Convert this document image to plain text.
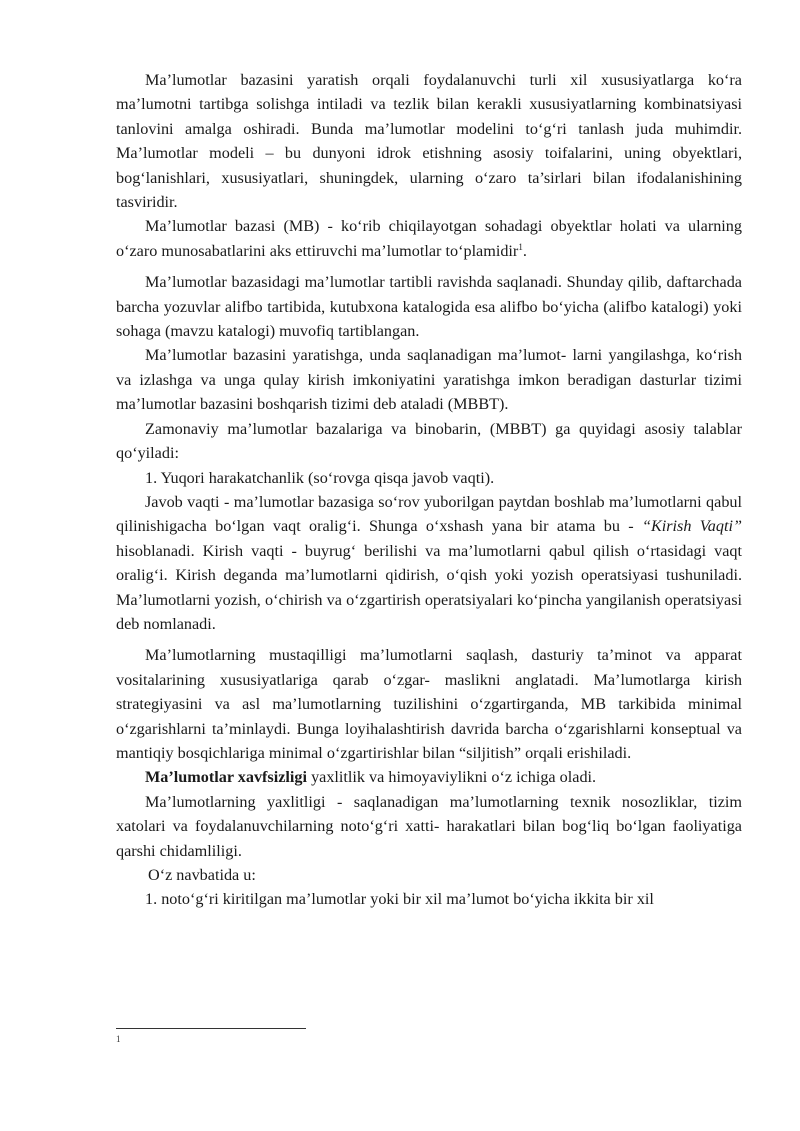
Ma’lumotlar bazasini yaratish orqali foydalanuvchi turli xil xususiyatlarga ko‘ra ma’lumotni tartibga solishga intiladi va tezlik bilan kerakli xususiyatlarning kombinatsiyasi tanlovini amalga oshiradi. Bunda ma’lumotlar modelini to‘g‘ri tanlash juda muhimdir. Ma’lumotlar modeli – bu dunyoni idrok etishning asosiy toifalarini, uning obyektlari, bog‘lanishlari, xususiyatlari, shuningdek, ularning o‘zaro ta’sirlari bilan ifodalanishining tasviridir.

Ma’lumotlar bazasi (MB) - ko‘rib chiqilayotgan sohadagi obyektlar holati va ularning o‘zaro munosabatlarini aks ettiruvchi ma’lumotlar to‘plamidir$^1$.

Ma’lumotlar bazasidagi ma’lumotlar tartibli ravishda saqlanadi. Shunday qilib, daftarchada barcha yozuvlar alifbo tartibida, kutubxona katalogida esa alifbo bo‘yicha (alifbo katalogi) yoki sohaga (mavzu katalogi) muvofiq tartiblangan.

Ma’lumotlar bazasini yaratishga, unda saqlanadigan ma’lumot- larni yangilashga, ko‘rish va izlashga va unga qulay kirish imkoniyatini yaratishga imkon beradigan dasturlar tizimi ma’lumotlar bazasini boshqarish tizimi deb ataladi (MBBT).

Zamonaviy ma’lumotlar bazalariga va binobarin, (MBBT) ga quyidagi asosiy talablar qo‘yiladi:

1. Yuqori harakatchanlik (so‘rovga qisqa javob vaqti).

Javob vaqti - ma’lumotlar bazasiga so‘rov yuborilgan paytdan boshlab ma’lumotlarni qabul qilinishigacha bo‘lgan vaqt oralig‘i. Shunga o‘xshash yana bir atama bu - “Kirish Vaqti” hisoblanadi. Kirish vaqti - buyrug‘ berilishi va ma’lumotlarni qabul qilish o‘rtasidagi vaqt oralig‘i. Kirish deganda ma’lumotlarni qidirish, o‘qish yoki yozish operatsiyasi tushuniladi. Ma’lumotlarni yozish, o‘chirish va o‘zgartirish operatsiyalari ko‘pincha yangilanish operatsiyasi deb nomlanadi.

Ma’lumotlarning mustaqilligi ma’lumotlarni saqlash, dasturiy ta’minot va apparat vositalarining xususiyatlariga qarab o‘zgar- maslikni anglatadi. Ma’lumotlarga kirish strategiyasini va asl ma’lumotlarning tuzilishini o‘zgartirganda, MB tarkibida minimal o‘zgarishlarni ta’minlaydi. Bunga loyihalashtirish davrida barcha o‘zgarishlarni konseptual va mantiqiy bosqichlariga minimal o‘zgartirishlar bilan “siljitish” orqali erishiladi.

Ma’lumotlar xavfsizligi yaxlitlik va himoyaviylikni o‘z ichiga oladi.

Ma’lumotlarning yaxlitligi - saqlanadigan ma’lumotlarning texnik nosozliklar, tizim xatolari va foydalanuvchilarning noto‘g‘ri xatti- harakatlari bilan bog‘liq bo‘lgan faoliyatiga qarshi chidamliligi.

O‘z navbatida u:

1. noto‘g‘ri kiritilgan ma’lumotlar yoki bir xil ma’lumot bo‘yicha ikkita bir xil

1
